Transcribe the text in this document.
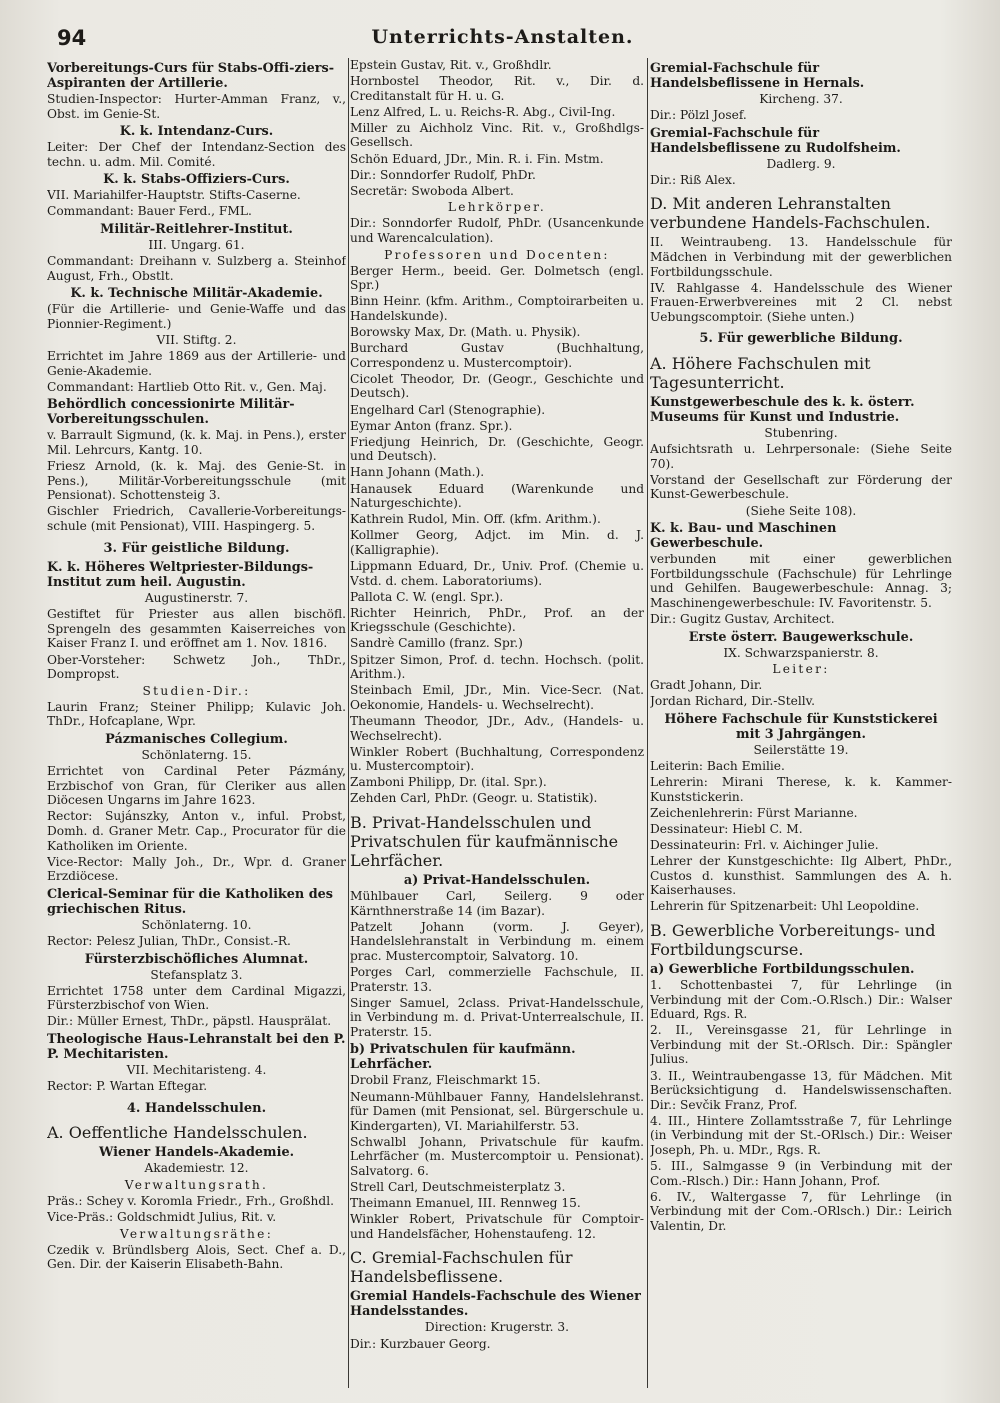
94	Unterrichts-Anstalten.
Vorbereitungs-Curs für Stabs-Offi-ziers-Aspiranten der Artillerie.
Studien-Inspector: Hurter-Amman Franz, v., Obst. im Genie-St.
K. k. Intendanz-Curs.
Leiter: Der Chef der Intendanz-Section des techn. u. adm. Mil. Comité.
K. k. Stabs-Offiziers-Curs.
VII. Mariahilfer-Hauptstr. Stifts-Caserne.
Commandant: Bauer Ferd., FML.
Militär-Reitlehrer-Institut.
III. Ungarg. 61.
Commandant: Dreihann v. Sulzberg a. Steinhof August, Frh., Obstlt.
K. k. Technische Militär-Akademie.
(Für die Artillerie- und Genie-Waffe und das Pionnier-Regiment.)
VII. Stiftg. 2.
Errichtet im Jahre 1869 aus der Artillerie- und Genie-Akademie.
Commandant: Hartlieb Otto Rit. v., Gen. Maj.
Behördlich concessionirte Militär-Vorbereitungsschulen.
v. Barrault Sigmund, (k. k. Maj. in Pens.), erster Mil. Lehrcurs, Kantg. 10.
Friesz Arnold, (k. k. Maj. des Genie-St. in Pens.), Militär-Vorbereitungsschule (mit Pensionat). Schottensteig 3.
Gischler Friedrich, Cavallerie-Vorbereitungs-schule (mit Pensionat), VIII. Haspingerg. 5.
3. Für geistliche Bildung.
K. k. Höheres Weltpriester-Bildungs-Institut zum heil. Augustin.
Augustinerstr. 7.
Gestiftet für Priester aus allen bischöfl. Sprengeln des gesammten Kaiserreiches von Kaiser Franz I. und eröffnet am 1. Nov. 1816.
Ober-Vorsteher: Schwetz Joh., ThDr., Dompropst.
Studien-Dir.:
Laurin Franz; Steiner Philipp; Kulavic Joh. ThDr., Hofcaplane, Wpr.
Pázmanisches Collegium.
Schönlaterng. 15.
Errichtet von Cardinal Peter Pázmány, Erzbischof von Gran, für Cleriker aus allen Diöcesen Ungarns im Jahre 1623.
Rector: Sujánszky, Anton v., inful. Probst, Domh. d. Graner Metr. Cap., Procurator für die Katholiken im Oriente.
Vice-Rector: Mally Joh., Dr., Wpr. d. Graner Erzdiöcese.
Clerical-Seminar für die Katholiken des griechischen Ritus.
Schönlaterng. 10.
Rector: Pelesz Julian, ThDr., Consist.-R.
Fürsterzbischöfliches Alumnat.
Stefansplatz 3.
Errichtet 1758 unter dem Cardinal Migazzi, Fürsterzbischof von Wien.
Dir.: Müller Ernest, ThDr., päpstl. Hausprälat.
Theologische Haus-Lehranstalt bei den P. P. Mechitaristen.
VII. Mechitaristeng. 4.
Rector: P. Wartan Eftegar.
4. Handelsschulen.
A. Oeffentliche Handelsschulen.
Wiener Handels-Akademie.
Akademiestr. 12.
Verwaltungsrath.
Präs.: Schey v. Koromla Friedr., Frh., Großhdl.
Vice-Präs.: Goldschmidt Julius, Rit. v.
Verwaltungsräthe:
Czedik v. Bründlsberg Alois, Sect. Chef a. D., Gen. Dir. der Kaiserin Elisabeth-Bahn.
Epstein Gustav, Rit. v., Großhdlr.
Hornbostel Theodor, Rit. v., Dir. d. Creditanstalt für H. u. G.
Lenz Alfred, L. u. Reichs-R. Abg., Civil-Ing.
Miller zu Aichholz Vinc. Rit. v., Großhdlgs-Gesellsch.
Schön Eduard, JDr., Min. R. i. Fin. Mstm.
Dir.: Sonndorfer Rudolf, PhDr.
Secretär: Swoboda Albert.
Lehrkörper.
Dir.: Sonndorfer Rudolf, PhDr. (Usancenkunde und Warencalculation).
Professoren und Docenten:
Berger Herm., beeid. Ger. Dolmetsch (engl. Spr.)
Binn Heinr. (kfm. Arithm., Comptoirarbeiten u. Handelskunde).
Borowsky Max, Dr. (Math. u. Physik).
Burchard Gustav (Buchhaltung, Correspondenz u. Mustercomptoir).
Cicolet Theodor, Dr. (Geogr., Geschichte und Deutsch).
Engelhard Carl (Stenographie).
Eymar Anton (franz. Spr.).
Friedjung Heinrich, Dr. (Geschichte, Geogr. und Deutsch).
Hann Johann (Math.).
Hanausek Eduard (Warenkunde und Naturgeschichte).
Kathrein Rudol, Min. Off. (kfm. Arithm.).
Kollmer Georg, Adjct. im Min. d. J. (Kalligraphie).
Lippmann Eduard, Dr., Univ. Prof. (Chemie u. Vstd. d. chem. Laboratoriums).
Pallota C. W. (engl. Spr.).
Richter Heinrich, PhDr., Prof. an der Kriegsschule (Geschichte).
Sandrè Camillo (franz. Spr.)
Spitzer Simon, Prof. d. techn. Hochsch. (polit. Arithm.).
Steinbach Emil, JDr., Min. Vice-Secr. (Nat. Oekonomie, Handels- u. Wechselrecht).
Theumann Theodor, JDr., Adv., (Handels- u. Wechselrecht).
Winkler Robert (Buchhaltung, Correspondenz u. Mustercomptoir).
Zamboni Philipp, Dr. (ital. Spr.).
Zehden Carl, PhDr. (Geogr. u. Statistik).
B. Privat-Handelsschulen und Privatschulen für kaufmännische Lehrfächer.
a) Privat-Handelsschulen.
Mühlbauer Carl, Seilerg. 9 oder Kärnthnerstraße 14 (im Bazar).
Patzelt Johann (vorm. J. Geyer), Handelslehranstalt in Verbindung m. einem prac. Mustercomptoir, Salvatorg. 10.
Porges Carl, commerzielle Fachschule, II. Praterstr. 13.
Singer Samuel, 2class. Privat-Handelsschule, in Verbindung m. d. Privat-Unterrealschule, II. Praterstr. 15.
b) Privatschulen für kaufmänn. Lehrfächer.
Drobil Franz, Fleischmarkt 15.
Neumann-Mühlbauer Fanny, Handelslehranst. für Damen (mit Pensionat, sel. Bürgerschule u. Kindergarten), VI. Mariahilferstr. 53.
Schwalbl Johann, Privatschule für kaufm. Lehrfächer (m. Mustercomptoir u. Pensionat). Salvatorg. 6.
Strell Carl, Deutschmeisterplatz 3.
Theimann Emanuel, III. Rennweg 15.
Winkler Robert, Privatschule für Comptoir- und Handelsfächer, Hohenstaufeng. 12.
C. Gremial-Fachschulen für Handelsbeflissene.
Gremial Handels-Fachschule des Wiener Handelsstandes.
Direction: Krugerstr. 3.
Dir.: Kurzbauer Georg.
Gremial-Fachschule für Handelsbeflissene in Hernals.
Kircheng. 37.
Dir.: Pölzl Josef.
Gremial-Fachschule für Handelsbeflissene zu Rudolfsheim.
Dadlerg. 9.
Dir.: Riß Alex.
D. Mit anderen Lehranstalten verbundene Handels-Fachschulen.
II. Weintraubeng. 13. Handelsschule für Mädchen in Verbindung mit der gewerblichen Fortbildungsschule.
IV. Rahlgasse 4. Handelsschule des Wiener Frauen-Erwerbvereines mit 2 Cl. nebst Uebungscomptoir. (Siehe unten.)
5. Für gewerbliche Bildung.
A. Höhere Fachschulen mit Tagesunterricht.
Kunstgewerbeschule des k. k. österr. Museums für Kunst und Industrie.
Stubenring.
Aufsichtsrath u. Lehrpersonale: (Siehe Seite 70).
Vorstand der Gesellschaft zur Förderung der Kunst-Gewerbeschule.
(Siehe Seite 108).
K. k. Bau- und Maschinen Gewerbeschule.
verbunden mit einer gewerblichen Fortbildungsschule (Fachschule) für Lehrlinge und Gehilfen. Baugewerbeschule: Annag. 3; Maschinengewerbeschule: IV. Favoritenstr. 5.
Dir.: Gugitz Gustav, Architect.
Erste österr. Baugewerkschule.
IX. Schwarzspanierstr. 8.
Leiter:
Gradt Johann, Dir.
Jordan Richard, Dir.-Stellv.
Höhere Fachschule für Kunststickerei mit 3 Jahrgängen.
Seilerstätte 19.
Leiterin: Bach Emilie.
Lehrerin: Mirani Therese, k. k. Kammer-Kunststickerin.
Zeichenlehrerin: Fürst Marianne.
Dessinateur: Hiebl C. M.
Dessinateurin: Frl. v. Aichinger Julie.
Lehrer der Kunstgeschichte: Ilg Albert, PhDr., Custos d. kunsthist. Sammlungen des A. h. Kaiserhauses.
Lehrerin für Spitzenarbeit: Uhl Leopoldine.
B. Gewerbliche Vorbereitungs- und Fortbildungscurse.
a) Gewerbliche Fortbildungsschulen.
1. Schottenbastei 7, für Lehrlinge (in Verbindung mit der Com.-O.Rlsch.) Dir.: Walser Eduard, Rgs. R.
2. II., Vereinsgasse 21, für Lehrlinge in Verbindung mit der St.-ORlsch. Dir.: Spängler Julius.
3. II., Weintraubengasse 13, für Mädchen. Mit Berücksichtigung d. Handelswissenschaften. Dir.: Sevčik Franz, Prof.
4. III., Hintere Zollamtsstraße 7, für Lehrlinge (in Verbindung mit der St.-ORlsch.) Dir.: Weiser Joseph, Ph. u. MDr., Rgs. R.
5. III., Salmgasse 9 (in Verbindung mit der Com.-Rlsch.) Dir.: Hann Johann, Prof.
6. IV., Waltergasse 7, für Lehrlinge (in Verbindung mit der Com.-ORlsch.) Dir.: Leirich Valentin, Dr.
